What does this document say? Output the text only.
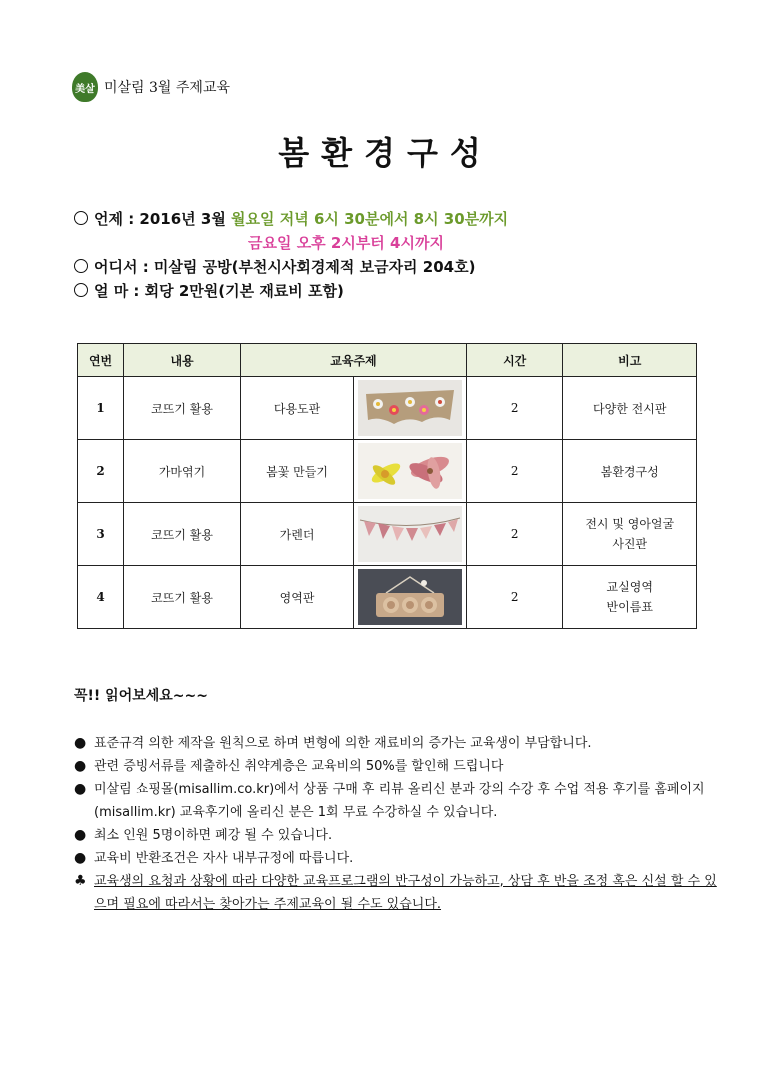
美살 미살림 3월 주제교육
봄환경구성
언제 : 2016년 3월 월요일 저녁 6시 30분에서 8시 30분까지
금요일 오후 2시부터 4시까지
어디서 : 미살림 공방(부천시사회경제적 보금자리 204호)
얼 마 : 회당 2만원(기본 재료비 포함)
연번	내용	교육주제		시간	비고
1	코뜨기 활용	다용도판		2	다양한 전시판
2	가마엮기	봄꽃 만들기		2	봄환경구성
3	코뜨기 활용	가렌더		2	전시 및 영아얼굴
사진판
4	코뜨기 활용	영역판		2	교실영역
반이름표
꼭!! 읽어보세요~~~
● 표준규격 의한 제작을 원칙으로 하며 변형에 의한 재료비의 증가는 교육생이 부담합니다.
● 관련 증빙서류를 제출하신 취약계층은 교육비의 50%를 할인해 드립니다
● 미살림 쇼핑몰(misallim.co.kr)에서 상품 구매 후 리뷰 올리신 분과 강의 수강 후 수업 적용 후기를 홈페이지(misallim.kr) 교육후기에 올리신 분은 1회 무료 수강하실 수 있습니다.
● 최소 인원 5명이하면 폐강 될 수 있습니다.
● 교육비 반환조건은 자사 내부규정에 따릅니다.
♣ 교육생의 요청과 상황에 따라 다양한 교육프로그램의 반구성이 가능하고, 상담 후 반을 조정 혹은 신설 할 수 있으며 필요에 따라서는 찾아가는 주제교육이 될 수도 있습니다.
